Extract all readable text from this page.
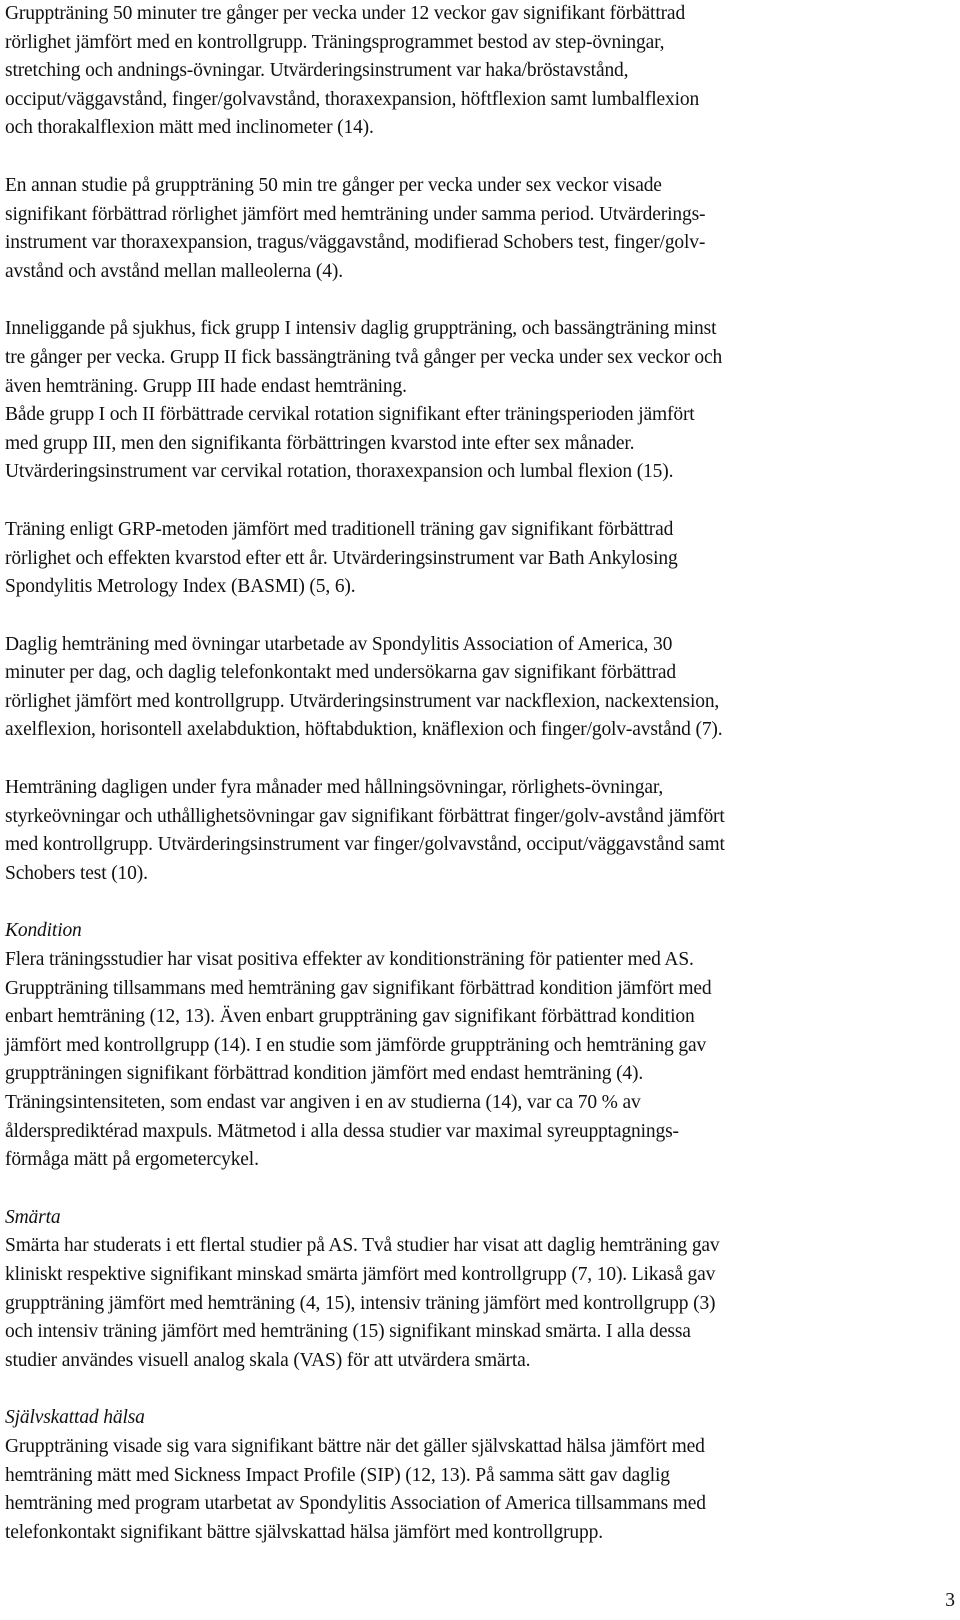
Gruppträning 50 minuter tre gånger per vecka under 12 veckor gav signifikant förbättrad
rörlighet jämfört med en kontrollgrupp. Träningsprogrammet bestod av step-övningar,
stretching och andnings-övningar. Utvärderingsinstrument var haka/bröstavstånd,
occiput/väggavstånd, finger/golvavstånd, thoraxexpansion, höftflexion samt lumbalflexion
och thorakalflexion mätt med inclinometer (14).

En annan studie på gruppträning 50 min tre gånger per vecka under sex veckor visade
signifikant förbättrad rörlighet jämfört med hemträning under samma period. Utvärderings-
instrument var thoraxexpansion, tragus/väggavstånd, modifierad Schobers test, finger/golv-
avstånd och avstånd mellan malleolerna (4).

Inneliggande på sjukhus, fick grupp I intensiv daglig gruppträning, och bassängträning minst
tre gånger per vecka. Grupp II fick bassängträning två gånger per vecka under sex veckor och
även hemträning. Grupp III hade endast hemträning.
Både grupp I och II förbättrade cervikal rotation signifikant efter träningsperioden jämfört
med grupp III, men den signifikanta förbättringen kvarstod inte efter sex månader.
Utvärderingsinstrument var cervikal rotation, thoraxexpansion och lumbal flexion (15).

Träning enligt GRP-metoden jämfört med traditionell träning gav signifikant förbättrad
rörlighet och effekten kvarstod efter ett år. Utvärderingsinstrument var Bath Ankylosing
Spondylitis Metrology Index (BASMI) (5, 6).

Daglig hemträning med övningar utarbetade av Spondylitis Association of America, 30
minuter per dag, och daglig telefonkontakt med undersökarna gav signifikant förbättrad
rörlighet jämfört med kontrollgrupp. Utvärderingsinstrument var nackflexion, nackextension,
axelflexion, horisontell axelabduktion, höftabduktion, knäflexion och finger/golv-avstånd (7).

Hemträning dagligen under fyra månader med hållningsövningar, rörlighets-övningar,
styrkeövningar och uthållighetsövningar gav signifikant förbättrat finger/golv-avstånd jämfört
med kontrollgrupp. Utvärderingsinstrument var finger/golvavstånd, occiput/väggavstånd samt
Schobers test (10).

Kondition
Flera träningsstudier har visat positiva effekter av konditionsträning för patienter med AS.
Gruppträning tillsammans med hemträning gav signifikant förbättrad kondition jämfört med
enbart hemträning (12, 13). Även enbart gruppträning gav signifikant förbättrad kondition
jämfört med kontrollgrupp (14). I en studie som jämförde gruppträning och hemträning gav
gruppträningen signifikant förbättrad kondition jämfört med endast hemträning (4).
Träningsintensiteten, som endast var angiven i en av studierna (14), var ca 70 % av
åldersprediktérad maxpuls. Mätmetod i alla dessa studier var maximal syreupptagnings-
förmåga mätt på ergometercykel.
Smärta
Smärta har studerats i ett flertal studier på AS. Två studier har visat att daglig hemträning gav
kliniskt respektive signifikant minskad smärta jämfört med kontrollgrupp (7, 10). Likaså gav
gruppträning jämfört med hemträning (4, 15), intensiv träning jämfört med kontrollgrupp (3)
och intensiv träning jämfört med hemträning (15) signifikant minskad smärta. I alla dessa
studier användes visuell analog skala (VAS) för att utvärdera smärta.
Självskattad hälsa
Gruppträning visade sig vara signifikant bättre när det gäller självskattad hälsa jämfört med
hemträning mätt med Sickness Impact Profile (SIP) (12, 13). På samma sätt gav daglig
hemträning med program utarbetat av Spondylitis Association of America tillsammans med
telefonkontakt signifikant bättre självskattad hälsa jämfört med kontrollgrupp.
3
